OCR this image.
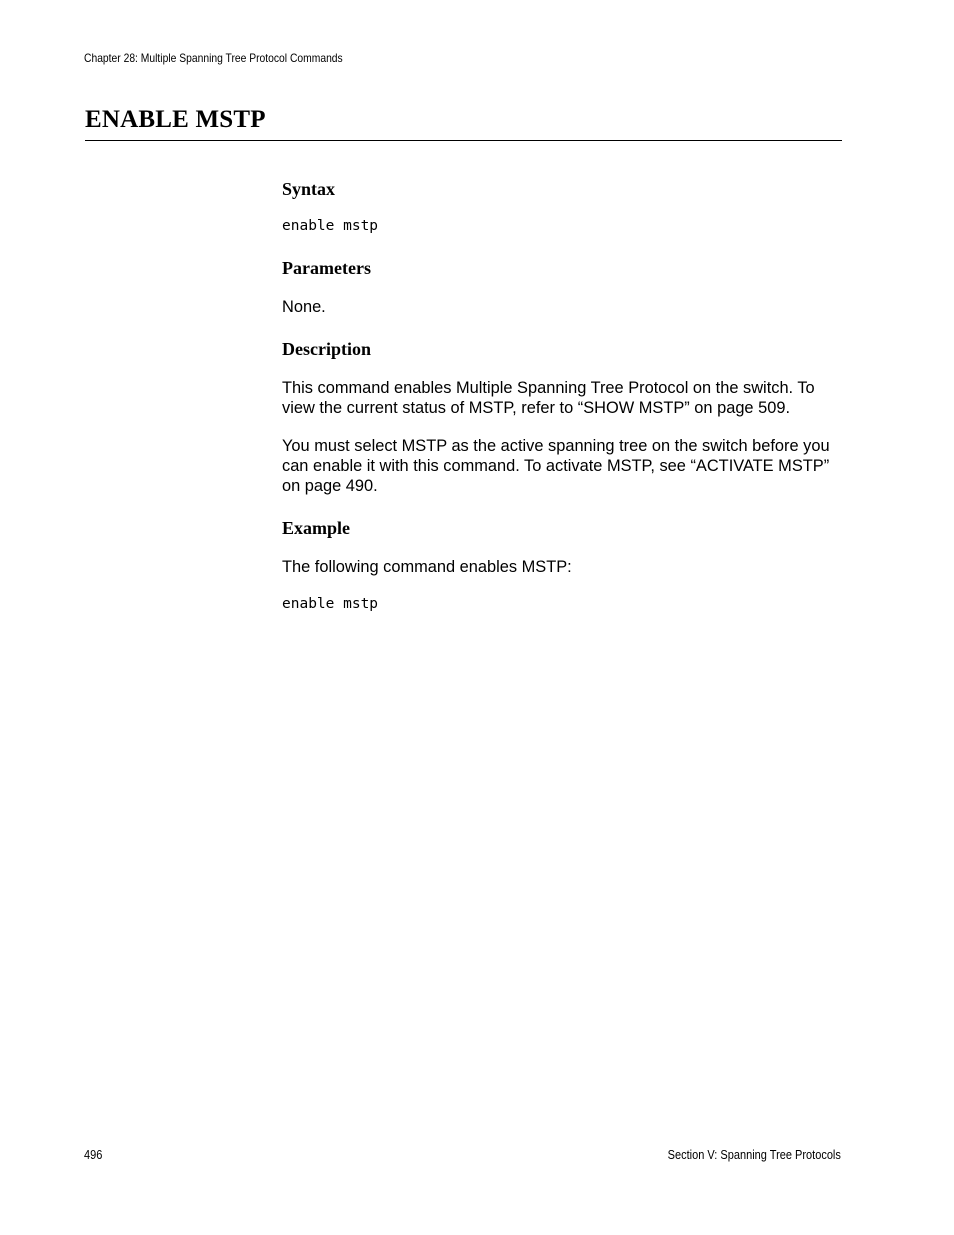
Chapter 28: Multiple Spanning Tree Protocol Commands
ENABLE MSTP
Syntax
enable mstp
Parameters

None.

Description

This command enables Multiple Spanning Tree Protocol on the switch. To view the current status of MSTP, refer to “SHOW MSTP” on page 509.

You must select MSTP as the active spanning tree on the switch before you can enable it with this command. To activate MSTP, see “ACTIVATE MSTP” on page 490.

Example

The following command enables MSTP:

enable mstp
496	Section V: Spanning Tree Protocols
